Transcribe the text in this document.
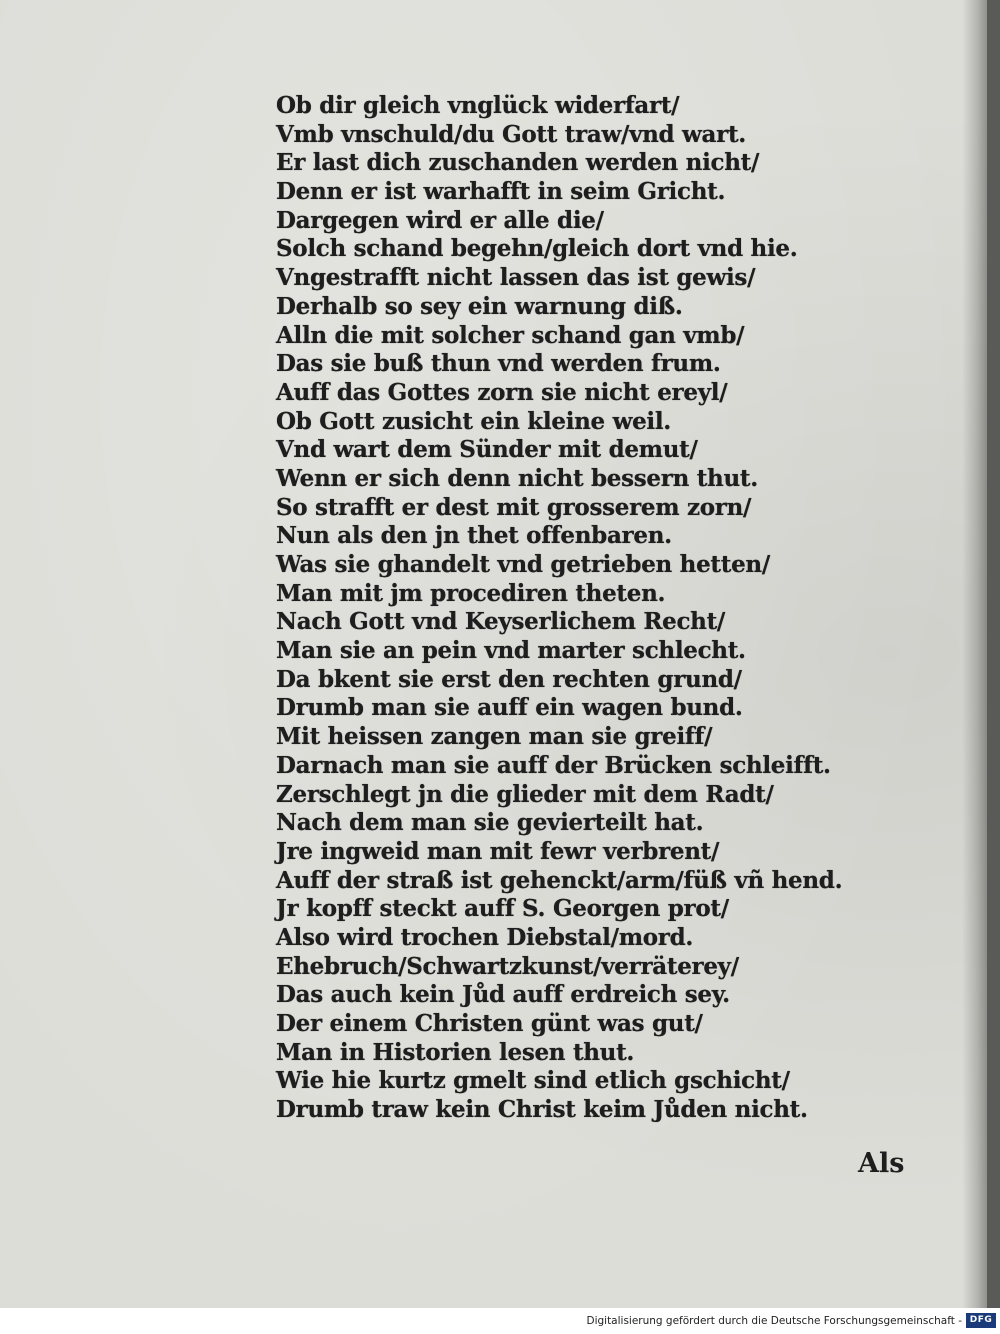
Ob dir gleich vnglück widerfart/
Vmb vnschuld/du Gott traw/vnd wart.
Er last dich zuschanden werden nicht/
Denn er ist warhafft in seim Gricht.
Dargegen wird er alle die/
Solch schand begehn/gleich dort vnd hie.
Vngestrafft nicht lassen das ist gewis/
Derhalb so sey ein warnung diß.
Alln die mit solcher schand gan vmb/
Das sie buß thun vnd werden frum.
Auff das Gottes zorn sie nicht ereyl/
Ob Gott zusicht ein kleine weil.
Vnd wart dem Sünder mit demut/
Wenn er sich denn nicht bessern thut.
So strafft er dest mit grosserem zorn/
Nun als den jn thet offenbaren.
Was sie ghandelt vnd getrieben hetten/
Man mit jm procediren theten.
Nach Gott vnd Keyserlichem Recht/
Man sie an pein vnd marter schlecht.
Da bkent sie erst den rechten grund/
Drumb man sie auff ein wagen bund.
Mit heissen zangen man sie greiff/
Darnach man sie auff der Brücken schleifft.
Zerschlegt jn die glieder mit dem Radt/
Nach dem man sie gevierteilt hat.
Jre ingweid man mit fewr verbrent/
Auff der straß ist gehenckt/arm/füß vñ hend.
Jr kopff steckt auff S. Georgen prot/
Also wird trochen Diebstal/mord.
Ehebruch/Schwartzkunst/verräterey/
Das auch kein Jůd auff erdreich sey.
Der einem Christen günt was gut/
Man in Historien lesen thut.
Wie hie kurtz gmelt sind etlich gschicht/
Drumb traw kein Christ keim Jůden nicht.
Als
Digitalisierung gefördert durch die Deutsche Forschungsgemeinschaft - DFG
